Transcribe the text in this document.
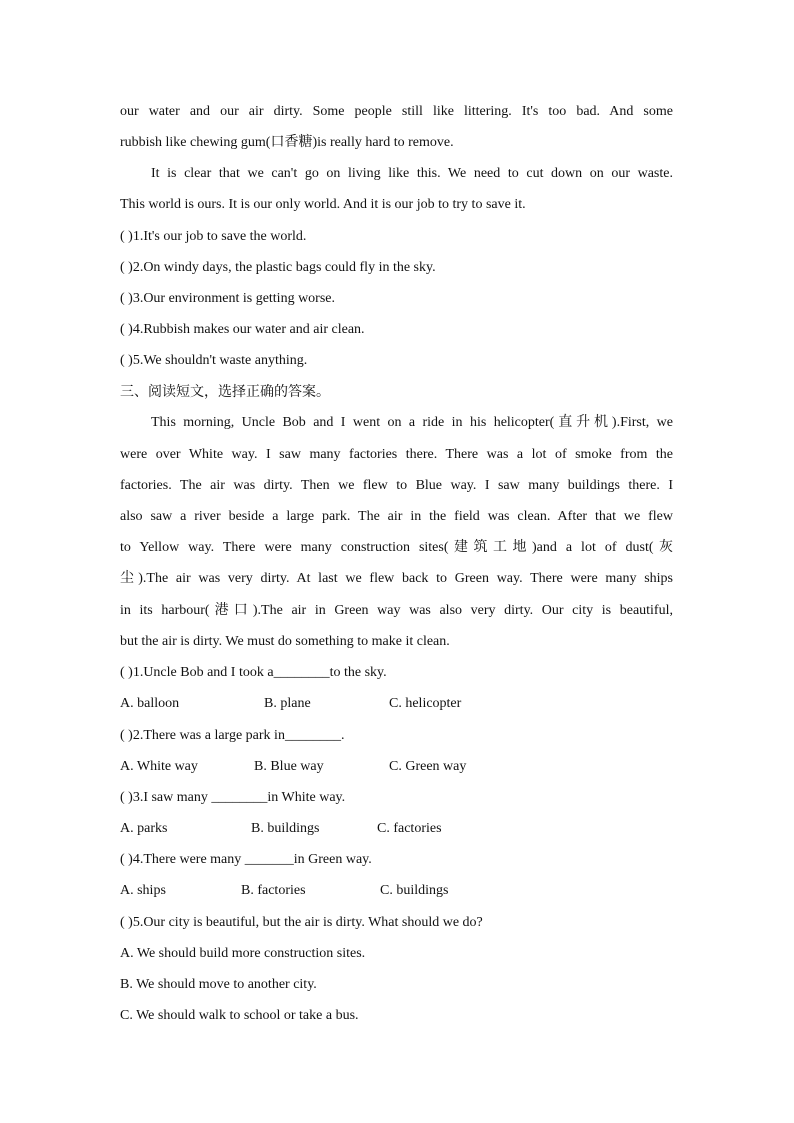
our water and our air dirty. Some people still like littering. It's too bad. And some
rubbish like chewing gum(口香糖)is really hard to remove.
It is clear that we can't go on living like this. We need to cut down on our waste.
This world is ours. It is our only world. And it is our job to try to save it.
( )1.It's our job to save the world.
( )2.On windy days, the plastic bags could fly in the sky.
( )3.Our environment is getting worse.
( )4.Rubbish makes our water and air clean.
( )5.We shouldn't waste anything.
三、阅读短文，选择正确的答案。
This morning, Uncle Bob and I went on a ride in his helicopter(直升机).First, we
were over White way. I saw many factories there. There was a lot of smoke from the
factories. The air was dirty. Then we flew to Blue way. I saw many buildings there. I
also saw a river beside a large park. The air in the field was clean. After that we flew
to Yellow way. There were many construction sites(建筑工地)and a lot of dust(灰
尘).The air was very dirty. At last we flew back to Green way. There were many ships
in its harbour(港口).The air in Green way was also very dirty. Our city is beautiful,
but the air is dirty. We must do something to make it clean.
( )1.Uncle Bob and I took a________to the sky.
A. balloon	B. plane	C. helicopter
( )2.There was a large park in________.
A. White way	B. Blue way	C. Green way
( )3.I saw many ________in White way.
A. parks	B. buildings	C. factories
( )4.There were many _______in Green way.
A. ships	B. factories	C. buildings
( )5.Our city is beautiful, but the air is dirty. What should we do?
A. We should build more construction sites.
B. We should move to another city.
C. We should walk to school or take a bus.
